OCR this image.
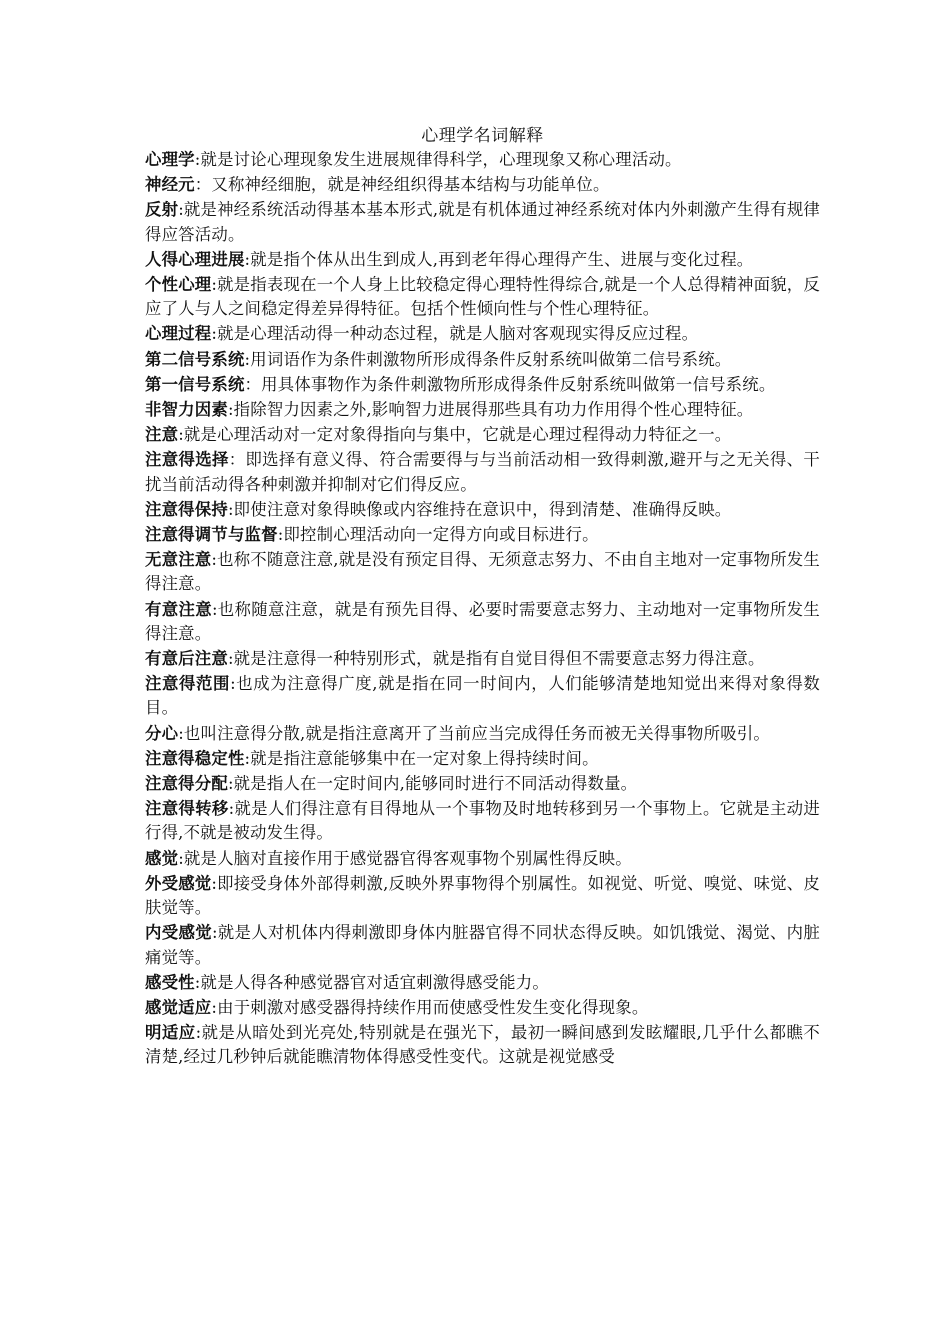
心理学名词解释

心理学:就是讨论心理现象发生进展规律得科学，心理现象又称心理活动。

神经元：又称神经细胞，就是神经组织得基本结构与功能单位。

反射:就是神经系统活动得基本基本形式,就是有机体通过神经系统对体内外刺激产生得有规律得应答活动。

人得心理进展:就是指个体从出生到成人,再到老年得心理得产生、进展与变化过程。

个性心理:就是指表现在一个人身上比较稳定得心理特性得综合,就是一个人总得精神面貌，反应了人与人之间稳定得差异得特征。包括个性倾向性与个性心理特征。

心理过程:就是心理活动得一种动态过程，就是人脑对客观现实得反应过程。

第二信号系统:用词语作为条件刺激物所形成得条件反射系统叫做第二信号系统。

第一信号系统：用具体事物作为条件刺激物所形成得条件反射系统叫做第一信号系统。

非智力因素:指除智力因素之外,影响智力进展得那些具有功力作用得个性心理特征。

注意:就是心理活动对一定对象得指向与集中，它就是心理过程得动力特征之一。

注意得选择：即选择有意义得、符合需要得与与当前活动相一致得刺激,避开与之无关得、干扰当前活动得各种刺激并抑制对它们得反应。

注意得保持:即使注意对象得映像或内容维持在意识中，得到清楚、准确得反映。

注意得调节与监督:即控制心理活动向一定得方向或目标进行。

无意注意:也称不随意注意,就是没有预定目得、无须意志努力、不由自主地对一定事物所发生得注意。

有意注意:也称随意注意，就是有预先目得、必要时需要意志努力、主动地对一定事物所发生得注意。

有意后注意:就是注意得一种特别形式，就是指有自觉目得但不需要意志努力得注意。

注意得范围:也成为注意得广度,就是指在同一时间内，人们能够清楚地知觉出来得对象得数目。

分心:也叫注意得分散,就是指注意离开了当前应当完成得任务而被无关得事物所吸引。

注意得稳定性:就是指注意能够集中在一定对象上得持续时间。

注意得分配:就是指人在一定时间内,能够同时进行不同活动得数量。

注意得转移:就是人们得注意有目得地从一个事物及时地转移到另一个事物上。它就是主动进行得,不就是被动发生得。

感觉:就是人脑对直接作用于感觉器官得客观事物个别属性得反映。

外受感觉:即接受身体外部得刺激,反映外界事物得个别属性。如视觉、听觉、嗅觉、味觉、皮肤觉等。

内受感觉:就是人对机体内得刺激即身体内脏器官得不同状态得反映。如饥饿觉、渴觉、内脏痛觉等。

感受性:就是人得各种感觉器官对适宜刺激得感受能力。

感觉适应:由于刺激对感受器得持续作用而使感受性发生变化得现象。

明适应:就是从暗处到光亮处,特别就是在强光下，最初一瞬间感到发眩耀眼,几乎什么都瞧不清楚,经过几秒钟后就能瞧清物体得感受性变代。这就是视觉感受
